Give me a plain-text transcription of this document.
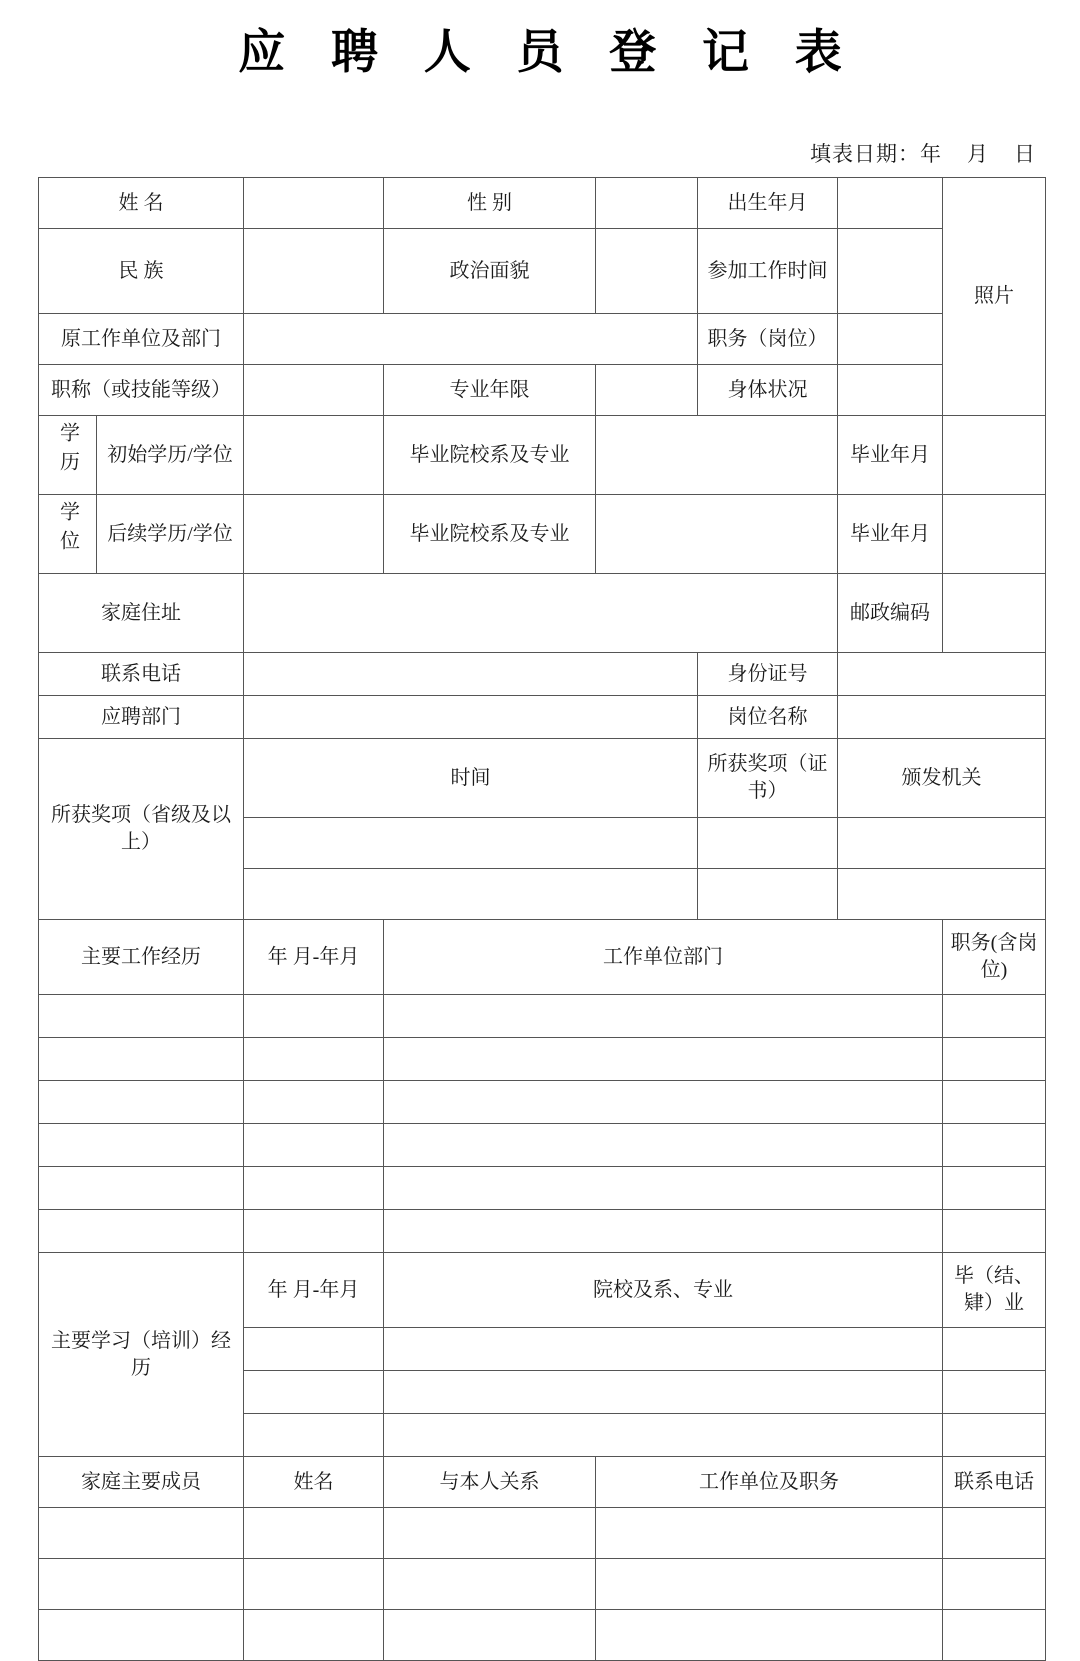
应 聘 人 员 登 记 表
填表日期：年    月    日
姓 名			性 别		出生年月		照片
民 族			政治面貌		参加工作时间		
原工作单位及部门					职务（岗位）		
职称（或技能等级）			专业年限		身体状况		
学历	初始学历/学位		毕业院校系及专业			毕业年月	
学位	后续学历/学位		毕业院校系及专业			毕业年月	
家庭住址						邮政编码	
联系电话					身份证号		
应聘部门					岗位名称		
所获奖项（省级及以上）		时间			所获奖项（证书）	颁发机关	

主要工作经历		年 月-年月	工作单位部门				职务(含岗位)

主要学习（培训）经历		年 月-年月	院校及系、专业				毕（结、肄）业

家庭主要成员		姓名	与本人关系	工作单位及职务			联系电话
